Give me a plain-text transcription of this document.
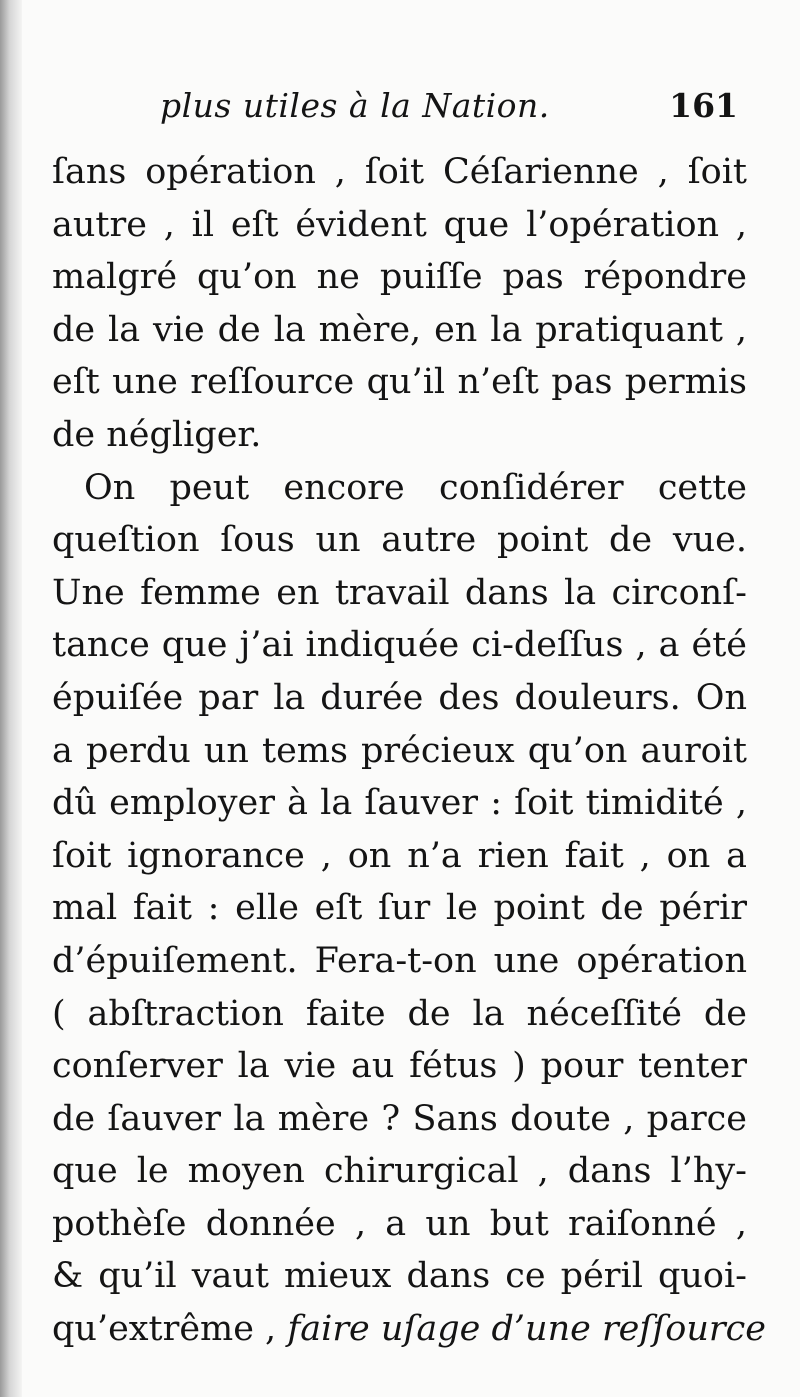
plus utiles à la Nation.	161
ſans opération , ſoit Céſarienne , ſoit
autre , il eſt évident que l’opération ,
malgré qu’on ne puiſſe pas répondre
de la vie de la mère, en la pratiquant ,
eſt une reſſource qu’il n’eſt pas permis
de négliger.
On peut encore conſidérer cette
queſtion ſous un autre point de vue.
Une femme en travail dans la circonſ-
tance que j’ai indiquée ci-deſſus , a été
épuiſée par la durée des douleurs. On
a perdu un tems précieux qu’on auroit
dû employer à la ſauver : ſoit timidité ,
ſoit ignorance , on n’a rien fait , on a
mal fait : elle eſt ſur le point de périr
d’épuiſement. Fera-t-on une opération
( abſtraction faite de la néceſſité de
conſerver la vie au fétus ) pour tenter
de ſauver la mère ? Sans doute , parce
que le moyen chirurgical , dans l’hy-
pothèſe donnée , a un but raiſonné ,
& qu’il vaut mieux dans ce péril quoi-
qu’extrême , faire uſage d’une reſſource
